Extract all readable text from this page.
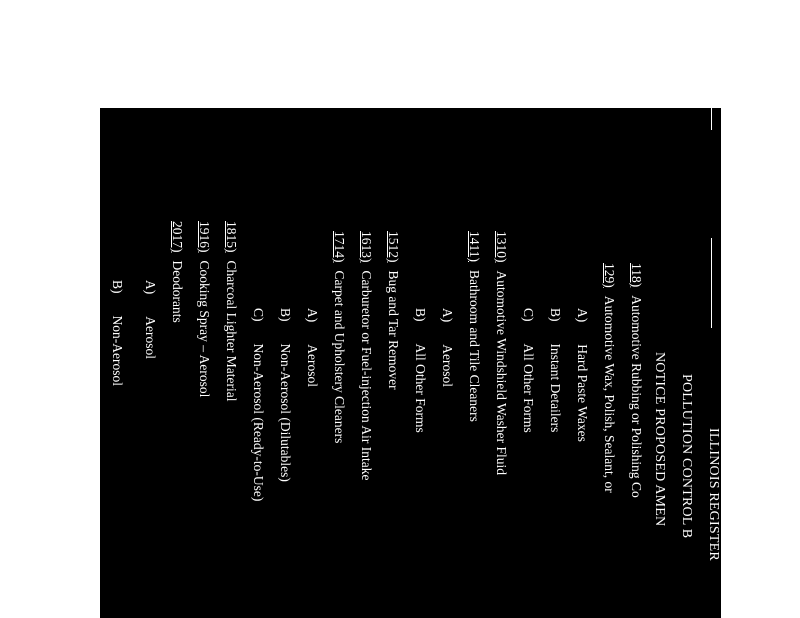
ILLINOIS REGISTER
POLLUTION CONTROL B
NOTICE PROPOSED AMEN
118)Automotive Rubbing or Polishing Co
129)Automotive Wax, Polish, Sealant, or
A)Hard Paste Waxes
B)Instant Detailers
C)All Other Forms
1310)Automotive Windshield Washer Fluid
1411)Bathroom and Tile Cleaners
A)Aerosol
B)All Other Forms
1512)Bug and Tar Remover
1613)Carburetor or Fuel-injection Air Intake
1714)Carpet and Upholstery Cleaners
A)Aerosol
B)Non-Aerosol (Dilutables)
C)Non-Aerosol (Ready-to-Use)
1815)Charcoal Lighter Material
1916)Cooking Spray – Aerosol
2017)Deodorants
A)Aerosol
B)Non-Aerosol
